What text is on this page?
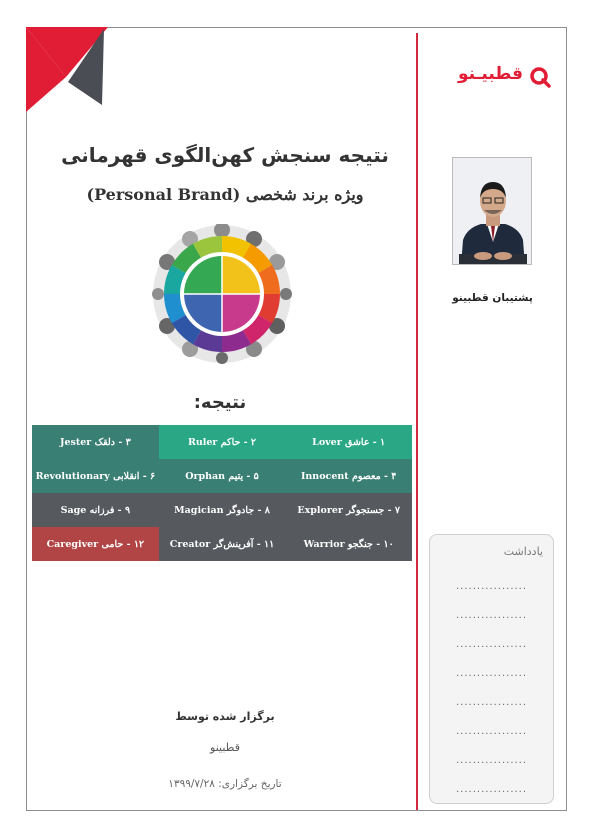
قطبیـنو
پشتیبان قطبینو
یادداشت
.................
.................
.................
.................
.................
.................
.................
.................
نتیجه سنجش کهن‌الگوی قهرمانی
ویژه برند شخصی (Personal Brand)
نتیجه:
۳ - دلقک Jester	۲ - حاکم Ruler	۱ - عاشق Lover
۶ - انقلابی Revolutionary	۵ - یتیم Orphan	۴ - معصوم Innocent
۹ - فرزانه Sage	۸ - جادوگر Magician	۷ - جستجوگر Explorer
۱۲ - حامی Caregiver	۱۱ - آفرینش‌گر Creator	۱۰ - جنگجو Warrior
برگزار شده توسط
قطبینو
تاریخ برگزاری: ۱۳۹۹/۷/۲۸
